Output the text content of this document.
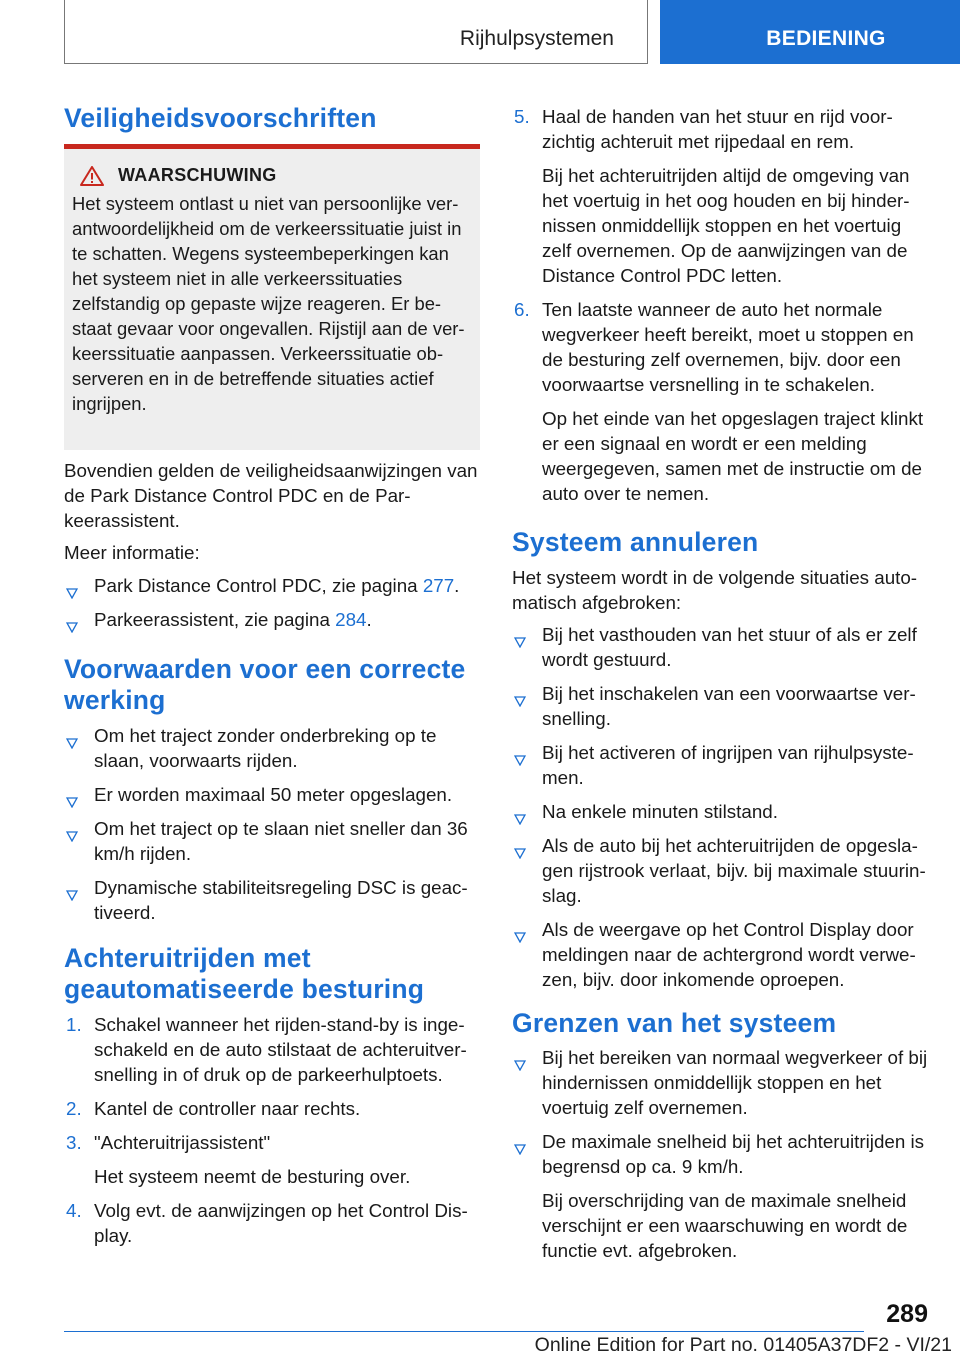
Rijhulpsystemen	BEDIENING
Veiligheidsvoorschriften
WAARSCHUWING

Het systeem ontlast u niet van persoonlijke ver-antwoordelijkheid om de verkeerssituatie juist in te schatten. Wegens systeembeperkingen kan het systeem niet in alle verkeerssituaties zelfstandig op gepaste wijze reageren. Er be-staat gevaar voor ongevallen. Rijstijl aan de ver-keerssituatie aanpassen. Verkeerssituatie ob-serveren en in de betreffende situaties actief ingrijpen.

Bovendien gelden de veiligheidsaanwijzingen van de Park Distance Control PDC en de Par-keerassistent.

Meer informatie:

Park Distance Control PDC, zie pagina 277.
Parkeerassistent, zie pagina 284.
Voorwaarden voor een correcte werking
Om het traject zonder onderbreking op te slaan, voorwaarts rijden.
Er worden maximaal 50 meter opgeslagen.
Om het traject op te slaan niet sneller dan 36 km/h rijden.
Dynamische stabiliteitsregeling DSC is geac-tiveerd.
Achteruitrijden met geautomatiseerde besturing
1. Schakel wanneer het rijden-stand-by is inge-schakeld en de auto stilstaat de achteruitver-snelling in of druk op de parkeerhulptoets.
2. Kantel de controller naar rechts.
3. "Achteruitrijassistent"
Het systeem neemt de besturing over.
4. Volg evt. de aanwijzingen op het Control Dis-play.
5. Haal de handen van het stuur en rijd voor-zichtig achteruit met rijpedaal en rem.
Bij het achteruitrijden altijd de omgeving van het voertuig in het oog houden en bij hinder-nissen onmiddellijk stoppen en het voertuig zelf overnemen. Op de aanwijzingen van de Distance Control PDC letten.
6. Ten laatste wanneer de auto het normale wegverkeer heeft bereikt, moet u stoppen en de besturing zelf overnemen, bijv. door een voorwaartse versnelling in te schakelen.
Op het einde van het opgeslagen traject klinkt er een signaal en wordt er een melding weergegeven, samen met de instructie om de auto over te nemen.
Systeem annuleren

Het systeem wordt in de volgende situaties auto-matisch afgebroken:

Bij het vasthouden van het stuur of als er zelf wordt gestuurd.
Bij het inschakelen van een voorwaartse ver-snelling.
Bij het activeren of ingrijpen van rijhulpsyste-men.
Na enkele minuten stilstand.
Als de auto bij het achteruitrijden de opgesla-gen rijstrook verlaat, bijv. bij maximale stuurin-slag.
Als de weergave op het Control Display door meldingen naar de achtergrond wordt verwe-zen, bijv. door inkomende oproepen.
Grenzen van het systeem
Bij het bereiken van normaal wegverkeer of bij hindernissen onmiddellijk stoppen en het voertuig zelf overnemen.
De maximale snelheid bij het achteruitrijden is begrensd op ca. 9 km/h.
Bij overschrijding van de maximale snelheid verschijnt er een waarschuwing en wordt de functie evt. afgebroken.
289
Online Edition for Part no. 01405A37DF2 - VI/21
